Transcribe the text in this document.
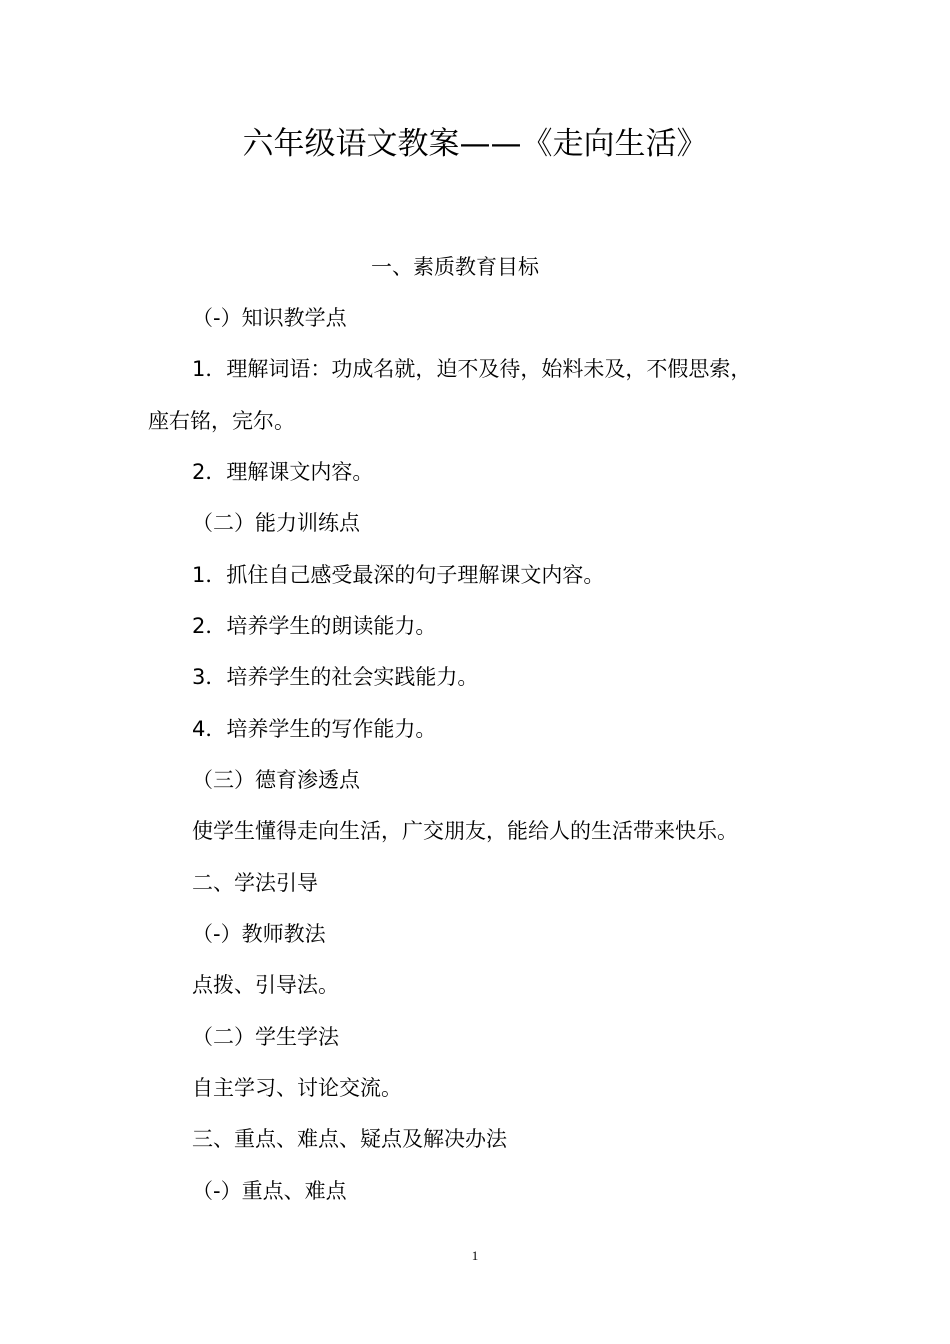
六年级语文教案——《走向生活》
一、素质教育目标
（-）知识教学点
1．理解词语：功成名就，迫不及待，始料未及，不假思索，
座右铭，完尔。
2．理解课文内容。
（二）能力训练点
1．抓住自己感受最深的句子理解课文内容。
2．培养学生的朗读能力。
3．培养学生的社会实践能力。
4．培养学生的写作能力。
（三）德育渗透点
使学生懂得走向生活，广交朋友，能给人的生活带来快乐。
二、学法引导
（-）教师教法
点拨、引导法。
（二）学生学法
自主学习、讨论交流。
三、重点、难点、疑点及解决办法
（-）重点、难点
1
